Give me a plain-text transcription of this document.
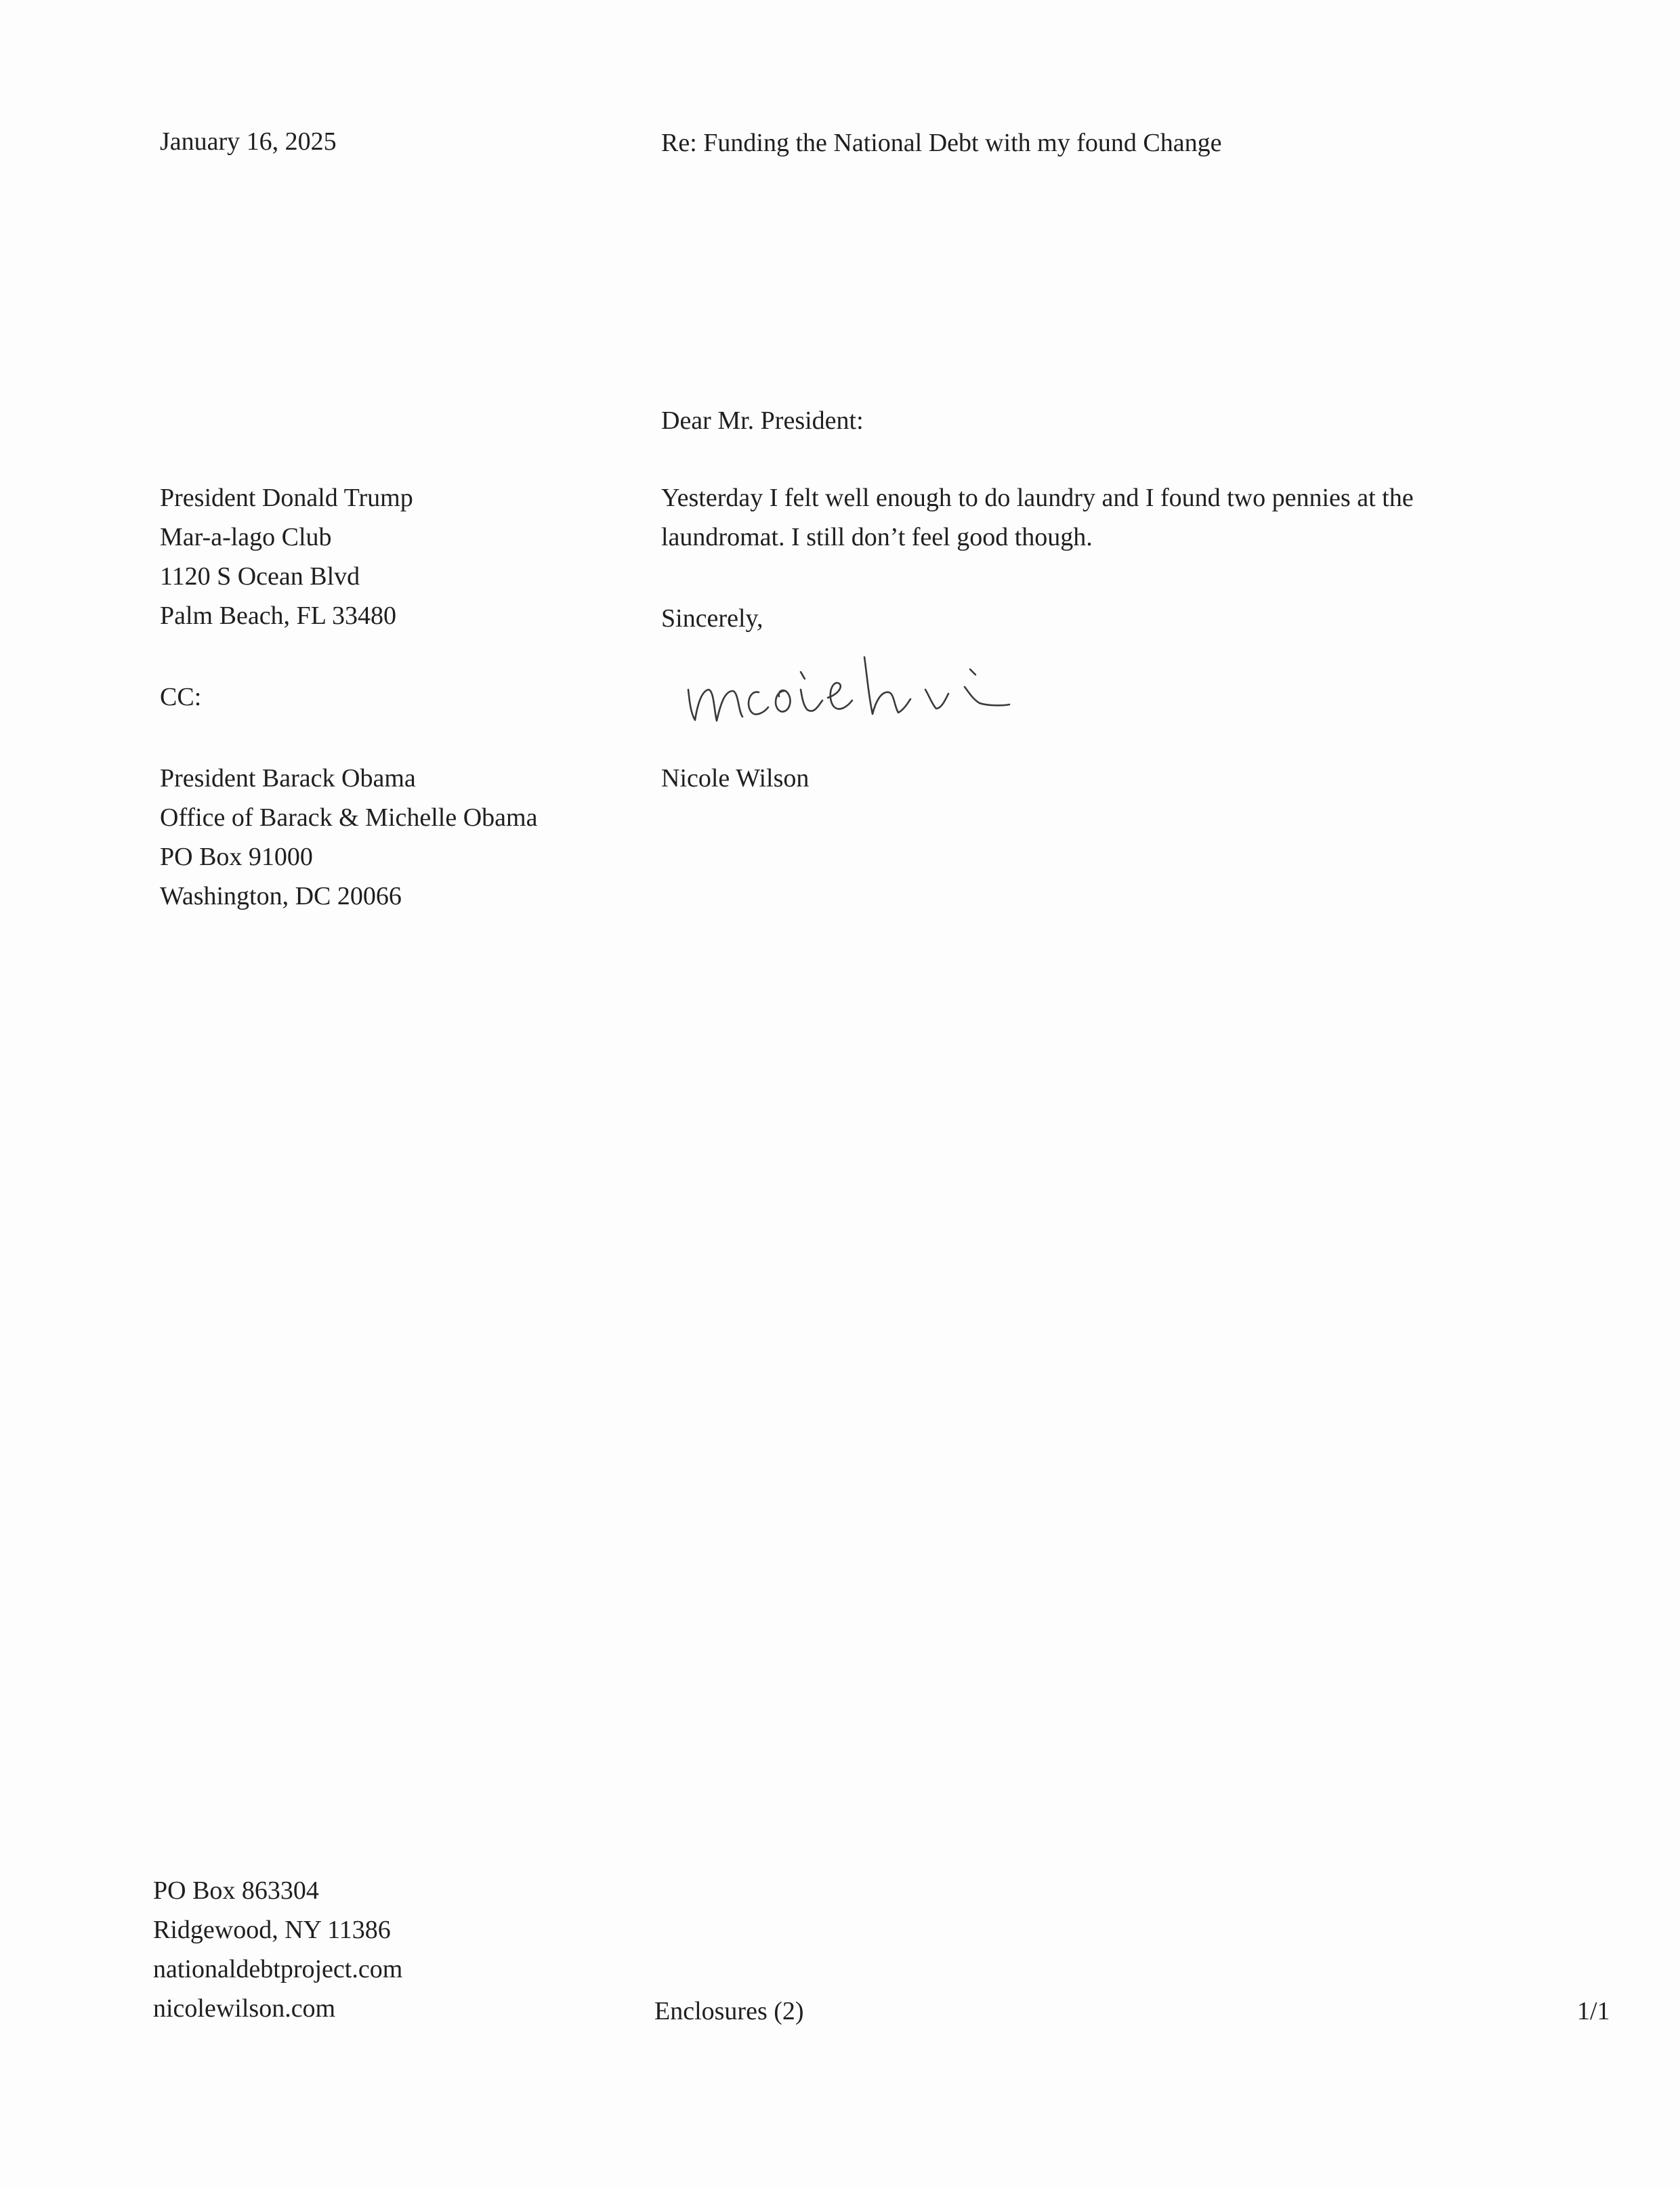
January 16, 2025	Re: Funding the National Debt with my found Change
Dear Mr. President:
President Donald Trump
Mar-a-lago Club
1120 S Ocean Blvd
Palm Beach, FL 33480
Yesterday I felt well enough to do laundry and I found two pennies at the
laundromat. I still don’t feel good though.
Sincerely,
CC:
Nicole Wilson
President Barack Obama
Office of Barack & Michelle Obama
PO Box 91000
Washington, DC 20066
PO Box 863304
Ridgewood, NY 11386
nationaldebtproject.com
nicolewilson.com	Enclosures (2)	1/1
